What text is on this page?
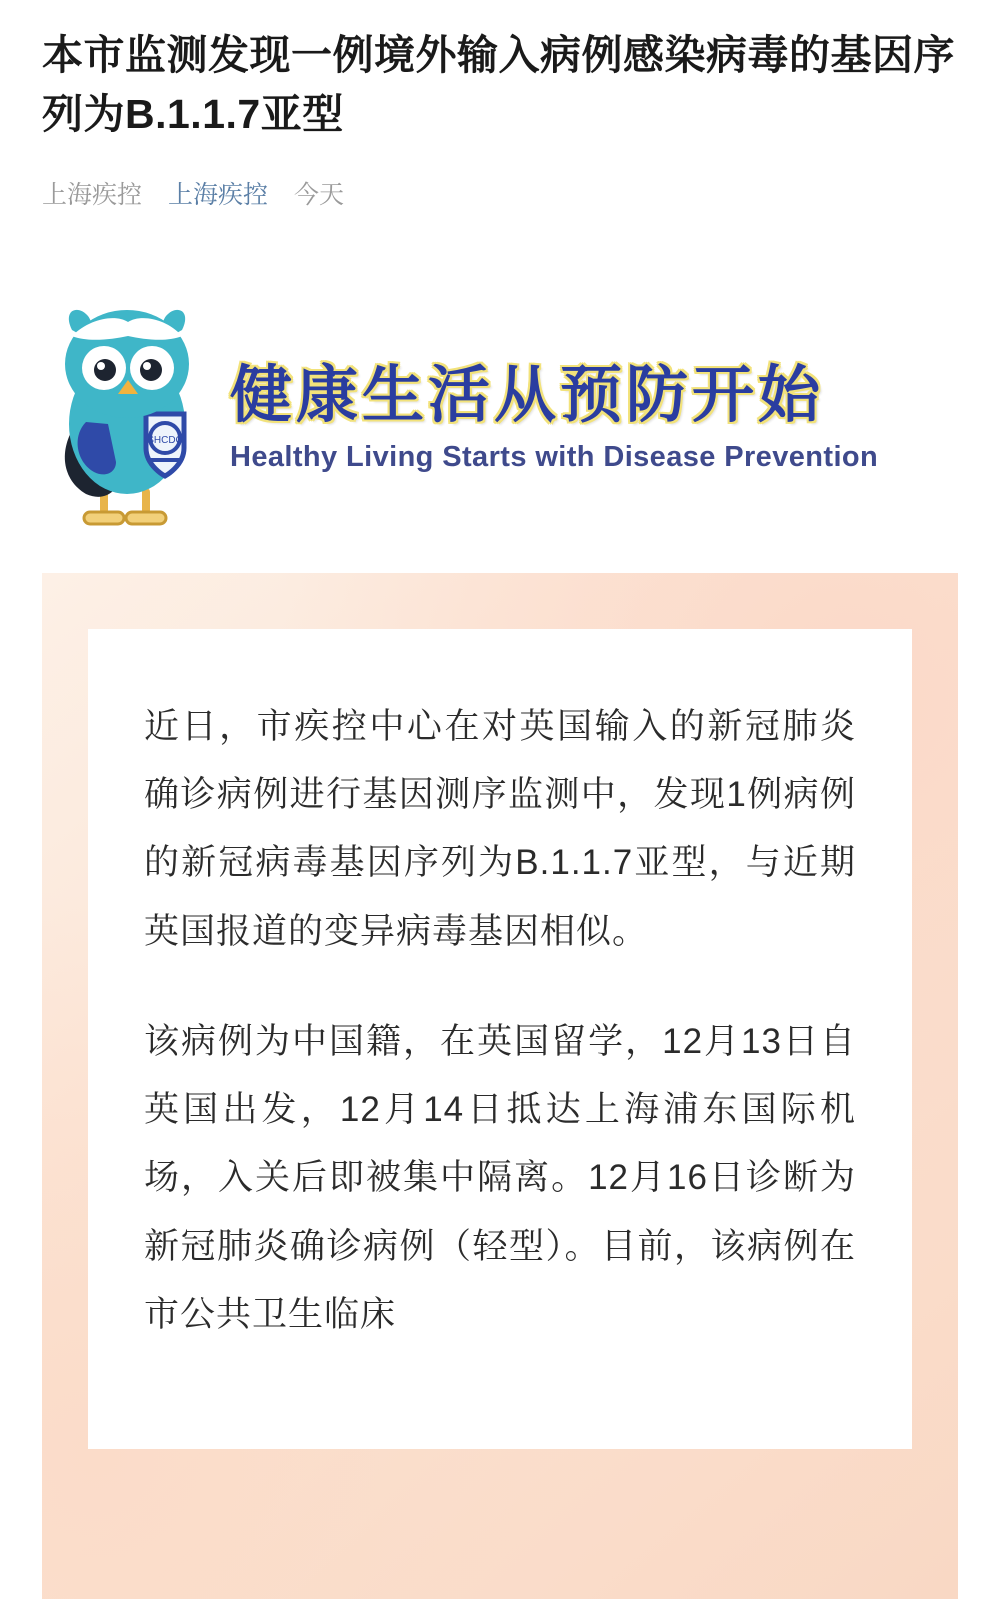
本市监测发现一例境外输入病例感染病毒的基因序列为B.1.1.7亚型
上海疾控 上海疾控 今天
SHCDC
健康生活从预防开始
Healthy Living Starts with Disease Prevention

近日，市疾控中心在对英国输入的新冠肺炎确诊病例进行基因测序监测中，发现1例病例的新冠病毒基因序列为B.1.1.7亚型，与近期英国报道的变异病毒基因相似。

该病例为中国籍，在英国留学，12月13日自英国出发，12月14日抵达上海浦东国际机场，入关后即被集中隔离。12月16日诊断为新冠肺炎确诊病例（轻型）。目前，该病例在市公共卫生临床
